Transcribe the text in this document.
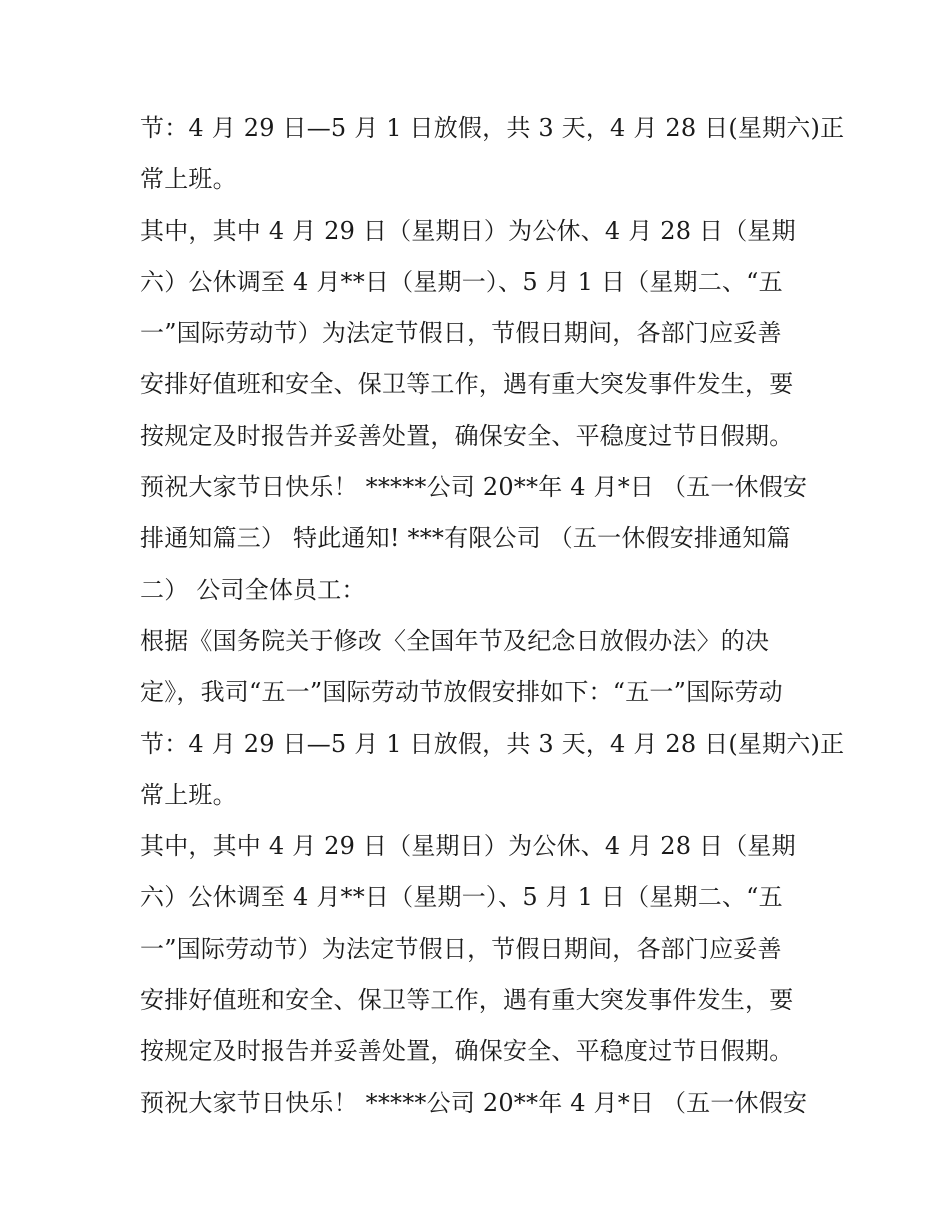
节：4 月 29 日—5 月 1 日放假，共 3 天，4 月 28 日(星期六)正
常上班。
其中，其中 4 月 29 日（星期日）为公休、4 月 28 日（星期
六）公休调至 4 月**日（星期一）、5 月 1 日（星期二、“五
一”国际劳动节）为法定节假日，节假日期间，各部门应妥善
安排好值班和安全、保卫等工作，遇有重大突发事件发生，要
按规定及时报告并妥善处置，确保安全、平稳度过节日假期。
预祝大家节日快乐！ *****公司 20**年 4 月*日 （五一休假安
排通知篇三） 特此通知! ***有限公司 （五一休假安排通知篇
二） 公司全体员工：
根据《国务院关于修改〈全国年节及纪念日放假办法〉的决
定》，我司“五一”国际劳动节放假安排如下：“五一”国际劳动
节：4 月 29 日—5 月 1 日放假，共 3 天，4 月 28 日(星期六)正
常上班。
其中，其中 4 月 29 日（星期日）为公休、4 月 28 日（星期
六）公休调至 4 月**日（星期一）、5 月 1 日（星期二、“五
一”国际劳动节）为法定节假日，节假日期间，各部门应妥善
安排好值班和安全、保卫等工作，遇有重大突发事件发生，要
按规定及时报告并妥善处置，确保安全、平稳度过节日假期。
预祝大家节日快乐！ *****公司 20**年 4 月*日 （五一休假安
